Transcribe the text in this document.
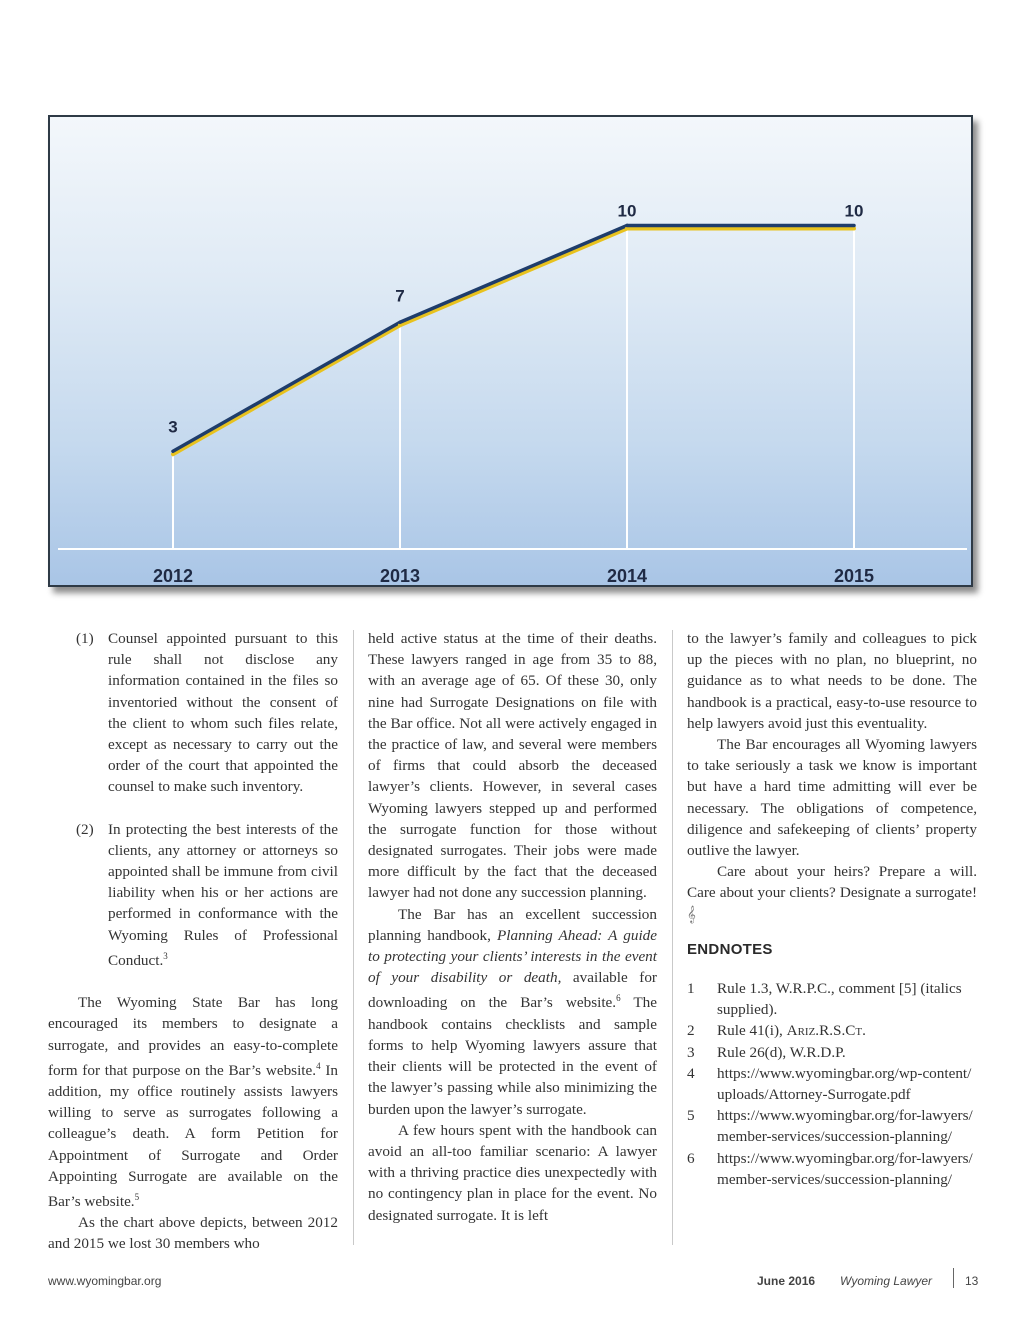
3
7
10	10
2012	2013	2014	2015
(1) Counsel appointed pursuant to this rule shall not disclose any information contained in the files so inventoried without the consent of the client to whom such files relate, except as necessary to carry out the order of the court that appointed the counsel to make such inventory.

(2) In protecting the best interests of the clients, any attorney or attorneys so appointed shall be immune from civil liability when his or her actions are performed in conformance with the Wyoming Rules of Professional Conduct.$^3$

The Wyoming State Bar has long encouraged its members to designate a surrogate, and provides an easy-to-complete form for that purpose on the Bar’s website.$^4$ In addition, my office routinely assists lawyers willing to serve as surrogates following a colleague’s death. A form Petition for Appointment of Surrogate and Order Appointing Surrogate are available on the Bar’s website.$^5$

As the chart above depicts, between 2012 and 2015 we lost 30 members who

held active status at the time of their deaths. These lawyers ranged in age from 35 to 88, with an average age of 65. Of these 30, only nine had Surrogate Designations on file with the Bar office. Not all were actively engaged in the practice of law, and several were members of firms that could absorb the deceased lawyer’s clients. However, in several cases Wyoming lawyers stepped up and performed the surrogate function for those without designated surrogates. Their jobs were made more difficult by the fact that the deceased lawyer had not done any succession planning.

The Bar has an excellent succession planning handbook, Planning Ahead: A guide to protecting your clients’ interests in the event of your disability or death, available for downloading on the Bar’s website.$^6$ The handbook contains checklists and sample forms to help Wyoming lawyers assure that their clients will be protected in the event of the lawyer’s passing while also minimizing the burden upon the lawyer’s surrogate.

A few hours spent with the handbook can avoid an all-too familiar scenario: A lawyer with a thriving practice dies unexpectedly with no contingency plan in place for the event. No designated surrogate. It is left

to the lawyer’s family and colleagues to pick up the pieces with no plan, no blueprint, no guidance as to what needs to be done. The handbook is a practical, easy-to-use resource to help lawyers avoid just this eventuality.

The Bar encourages all Wyoming lawyers to take seriously a task we know is important but have a hard time admitting will ever be necessary. The obligations of competence, diligence and safekeeping of clients’ property outlive the lawyer.

Care about your heirs? Prepare a will. Care about your clients? Designate a surrogate!𝄞

ENDNOTES
1	Rule 1.3, W.R.P.C., comment [5] (italics supplied).
2	Rule 41(i), Ariz.R.S.Ct.
3	Rule 26(d), W.R.D.P.
4	https://www.wyomingbar.org/wp-content/uploads/Attorney-Surrogate.pdf
5	https://www.wyomingbar.org/for-lawyers/member-services/succession-planning/
6	https://www.wyomingbar.org/for-lawyers/member-services/succession-planning/
www.wyomingbar.org	June 2016 Wyoming Lawyer	13
